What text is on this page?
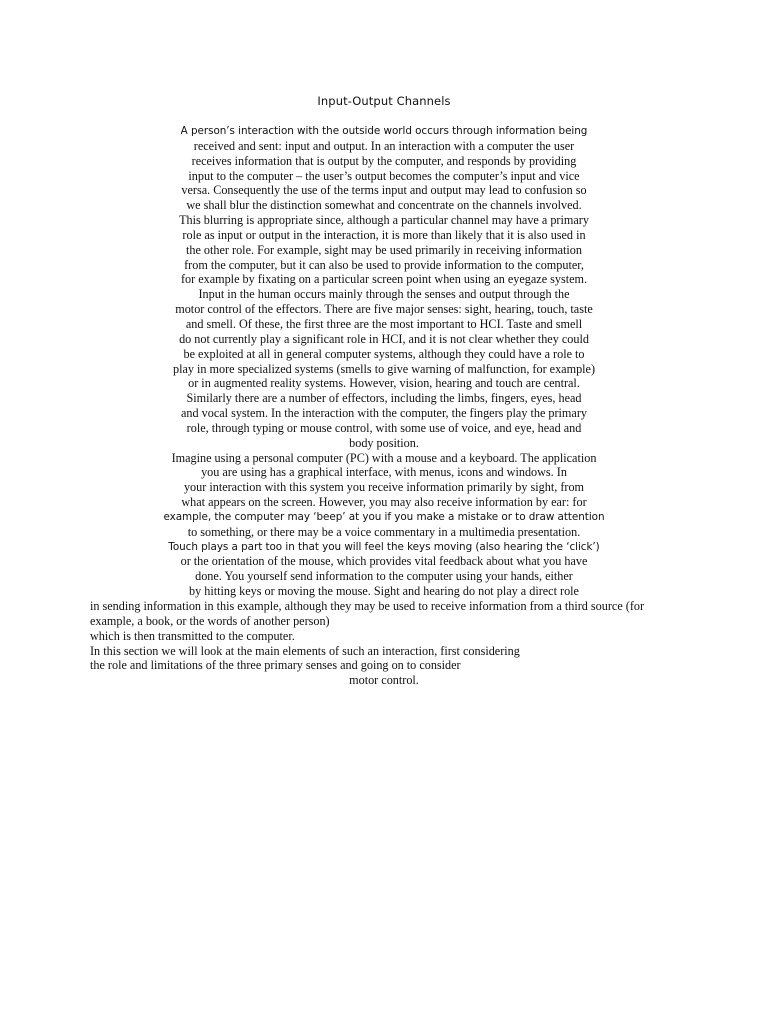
Input-Output Channels
A person’s interaction with the outside world occurs through information being
received and sent: input and output. In an interaction with a computer the user
receives information that is output by the computer, and responds by providing
input to the computer – the user’s output becomes the computer’s input and vice
versa. Consequently the use of the terms input and output may lead to confusion so
we shall blur the distinction somewhat and concentrate on the channels involved.
This blurring is appropriate since, although a particular channel may have a primary
role as input or output in the interaction, it is more than likely that it is also used in
the other role. For example, sight may be used primarily in receiving information
from the computer, but it can also be used to provide information to the computer,
for example by fixating on a particular screen point when using an eyegaze system.
Input in the human occurs mainly through the senses and output through the
motor control of the effectors. There are five major senses: sight, hearing, touch, taste
and smell. Of these, the first three are the most important to HCI. Taste and smell
do not currently play a significant role in HCI, and it is not clear whether they could
be exploited at all in general computer systems, although they could have a role to
play in more specialized systems (smells to give warning of malfunction, for example)
or in augmented reality systems. However, vision, hearing and touch are central.
Similarly there are a number of effectors, including the limbs, fingers, eyes, head
and vocal system. In the interaction with the computer, the fingers play the primary
role, through typing or mouse control, with some use of voice, and eye, head and
body position.
Imagine using a personal computer (PC) with a mouse and a keyboard. The application
you are using has a graphical interface, with menus, icons and windows. In
your interaction with this system you receive information primarily by sight, from
what appears on the screen. However, you may also receive information by ear: for
example, the computer may ‘beep’ at you if you make a mistake or to draw attention
to something, or there may be a voice commentary in a multimedia presentation.
Touch plays a part too in that you will feel the keys moving (also hearing the ‘click’)
or the orientation of the mouse, which provides vital feedback about what you have
done. You yourself send information to the computer using your hands, either
by hitting keys or moving the mouse. Sight and hearing do not play a direct role
in sending information in this example, although they may be used to receive information from a third source (for
example, a book, or the words of another person)
which is then transmitted to the computer.
In this section we will look at the main elements of such an interaction, first considering
the role and limitations of the three primary senses and going on to consider
motor control.
